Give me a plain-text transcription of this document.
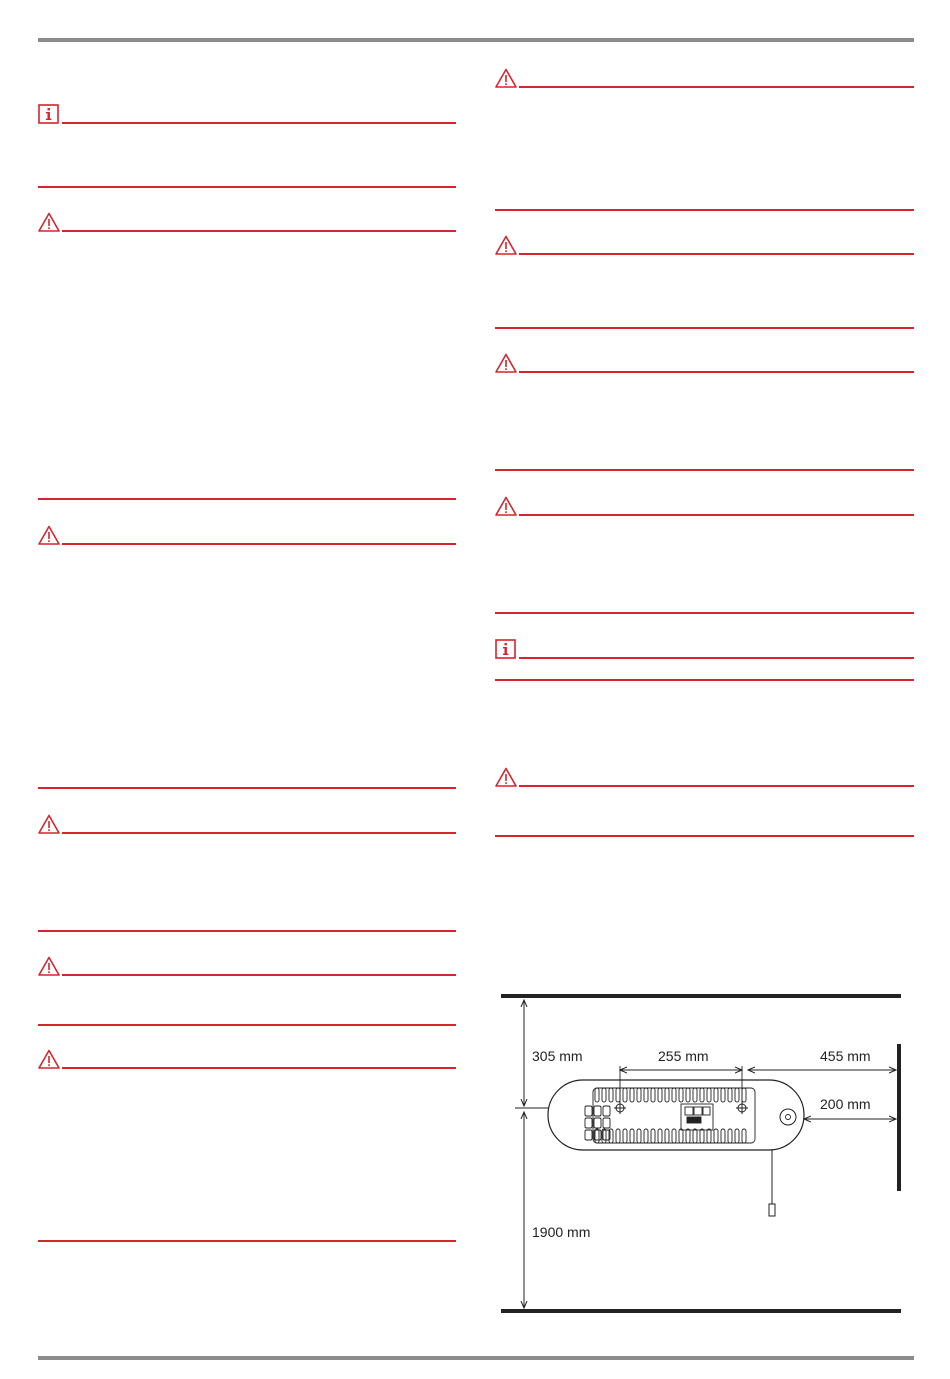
305 mm	255 mm	455 mm
200 mm
1900 mm
